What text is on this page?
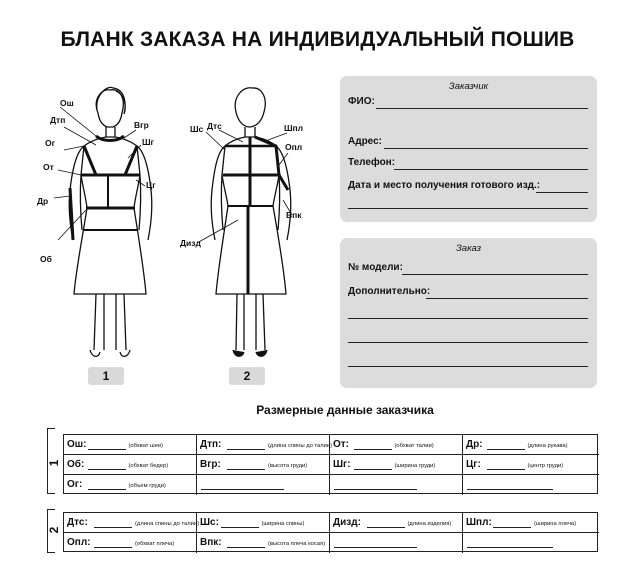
БЛАНК ЗАКАЗА НА ИНДИВИДУАЛЬНЫЙ ПОШИВ
Ош
Дтп
Ог
От
Др
Об
Вгр
Шг
Цг
Шс Дтс	Шпл
Опл
Впк
Дизд
1	2
Заказчик
ФИО:
Адрес:
Телефон:
Дата и место получения готового изд.:
Заказ
№ модели:
Дополнительно:
Размерные данные заказчика
1
2
Ош:	(обхват шеи)	Дтп:	(длина спины до талии) От:	(обхват талии)	Др:	(длина рукава)
Об:	(обхват бедер)	Вгр:	(высота груди)	Шг:	(ширина груди)	Цг:	(центр груди)
Ог:	(объем груди)
Дтс:	(длина спины до талии) Шс:	(ширина спины)	Дизд:	(длина изделия) Шпл:	(ширина плеча)
Опл:	(обхват плеча)	Впк:	(высота плеча косая)
